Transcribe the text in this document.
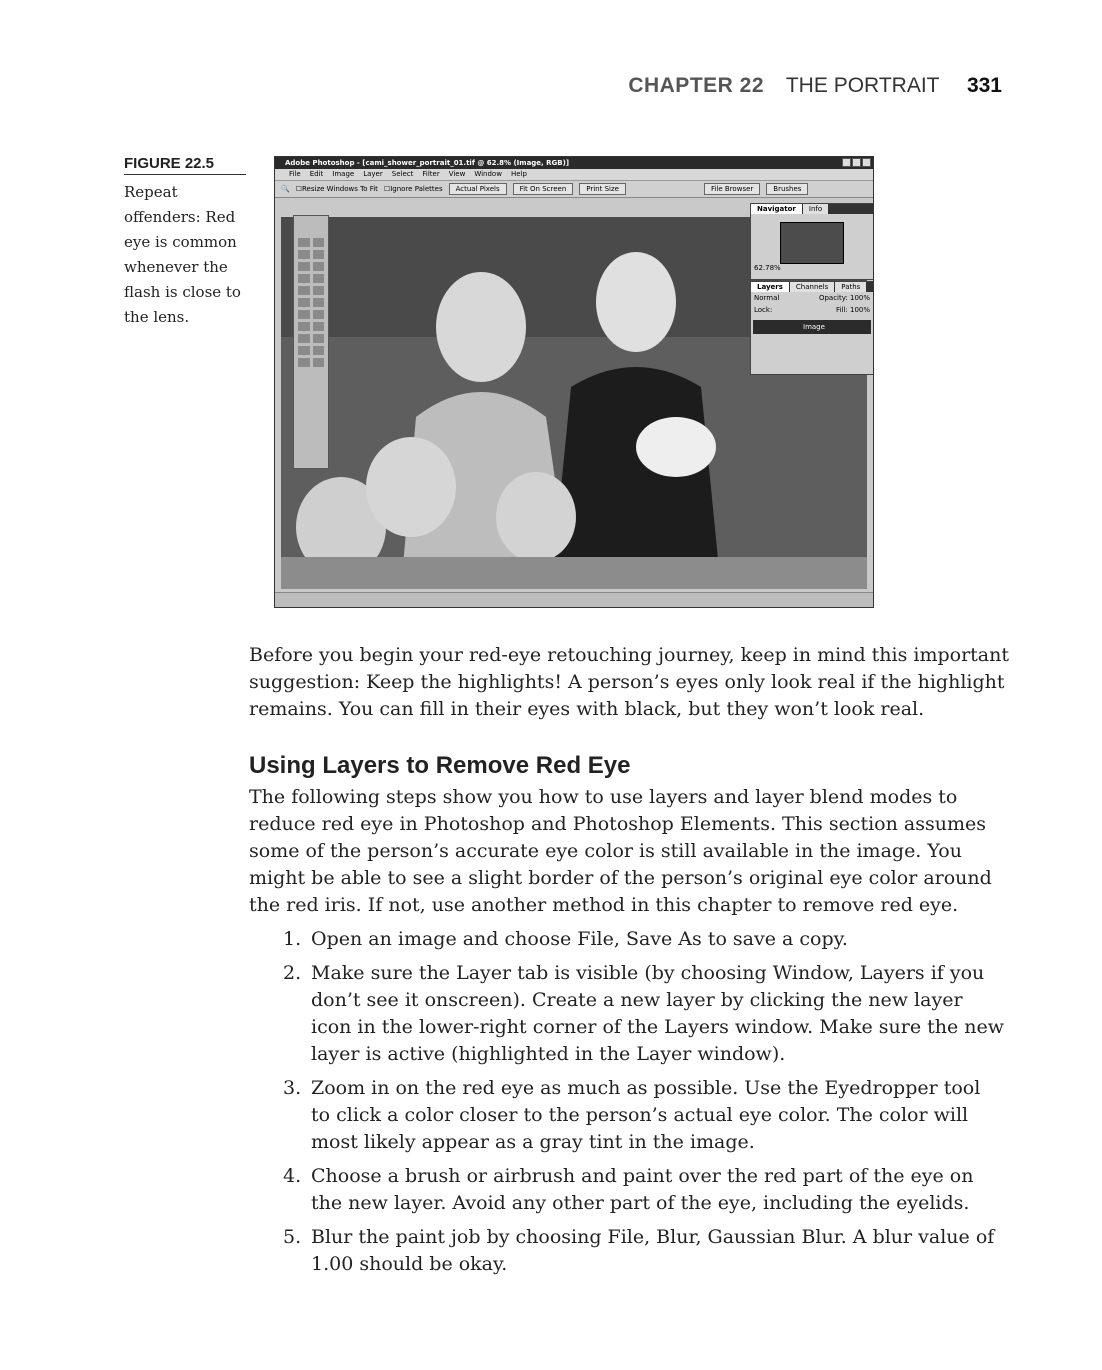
CHAPTER 22 THE PORTRAIT 331
FIGURE 22.5
Repeat offenders: Red eye is common whenever the flash is close to the lens.
Adobe Photoshop - [cami_shower_portrait_01.tif @ 62.8% (Image, RGB)]
File Edit Image Layer Select Filter View Window Help
🔍	☐ Resize Windows To Fit	☐ Ignore Palettes	Actual Pixels	Fit On Screen	Print Size	File Browser	Brushes
Navigator	Info
62.78%
Layers	Channels	Paths
Normal	Opacity: 100%
Lock:	Fill: 100%
Image
Before you begin your red-eye retouching journey, keep in mind this important suggestion: Keep the highlights! A person’s eyes only look real if the highlight remains. You can fill in their eyes with black, but they won’t look real.
Using Layers to Remove Red Eye
The following steps show you how to use layers and layer blend modes to reduce red eye in Photoshop and Photoshop Elements. This section assumes some of the person’s accurate eye color is still available in the image. You might be able to see a slight border of the person’s original eye color around the red iris. If not, use another method in this chapter to remove red eye.
1. Open an image and choose File, Save As to save a copy.
2. Make sure the Layer tab is visible (by choosing Window, Layers if you don’t see it onscreen). Create a new layer by clicking the new layer icon in the lower-right corner of the Layers window. Make sure the new layer is active (highlighted in the Layer window).
3. Zoom in on the red eye as much as possible. Use the Eyedropper tool to click a color closer to the person’s actual eye color. The color will most likely appear as a gray tint in the image.
4. Choose a brush or airbrush and paint over the red part of the eye on the new layer. Avoid any other part of the eye, including the eyelids.
5. Blur the paint job by choosing File, Blur, Gaussian Blur. A blur value of 1.00 should be okay.
